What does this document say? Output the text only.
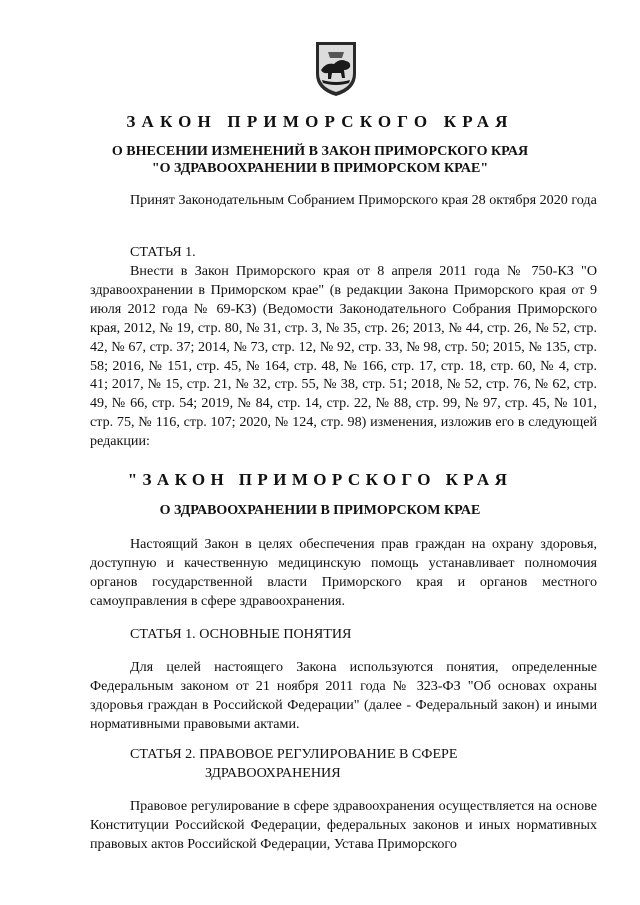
ЗАКОН ПРИМОРСКОГО КРАЯ
О ВНЕСЕНИИ ИЗМЕНЕНИЙ В ЗАКОН ПРИМОРСКОГО КРАЯ
"О ЗДРАВООХРАНЕНИИ В ПРИМОРСКОМ КРАЕ"

Принят Законодательным Собранием Приморского края 28 октября 2020 года

СТАТЬЯ 1.

Внести в Закон Приморского края от 8 апреля 2011 года № 750-КЗ "О здравоохранении в Приморском крае" (в редакции Закона Приморского края от 9 июля 2012 года № 69-КЗ) (Ведомости Законодательного Собрания Приморского края, 2012, № 19, стр. 80, № 31, стр. 3, № 35, стр. 26; 2013, № 44, стр. 26, № 52, стр. 42, № 67, стр. 37; 2014, № 73, стр. 12, № 92, стр. 33, № 98, стр. 50; 2015, № 135, стр. 58; 2016, № 151, стр. 45, № 164, стр. 48, № 166, стр. 17, стр. 18, стр. 60, № 4, стр. 41; 2017, № 15, стр. 21, № 32, стр. 55, № 38, стр. 51; 2018, № 52, стр. 76, № 62, стр. 49, № 66, стр. 54; 2019, № 84, стр. 14, стр. 22, № 88, стр. 99, № 97, стр. 45, № 101, стр. 75, № 116, стр. 107; 2020, № 124, стр. 98) изменения, изложив его в следующей редакции:

"ЗАКОН ПРИМОРСКОГО КРАЯ
О ЗДРАВООХРАНЕНИИ В ПРИМОРСКОМ КРАЕ

Настоящий Закон в целях обеспечения прав граждан на охрану здоровья, доступную и качественную медицинскую помощь устанавливает полномочия органов государственной власти Приморского края и органов местного самоуправления в сфере здравоохранения.

СТАТЬЯ 1. ОСНОВНЫЕ ПОНЯТИЯ

Для целей настоящего Закона используются понятия, определенные Федеральным законом от 21 ноября 2011 года № 323-ФЗ "Об основах охраны здоровья граждан в Российской Федерации" (далее - Федеральный закон) и иными нормативными правовыми актами.

СТАТЬЯ 2. ПРАВОВОЕ РЕГУЛИРОВАНИЕ В СФЕРЕ
ЗДРАВООХРАНЕНИЯ

Правовое регулирование в сфере здравоохранения осуществляется на основе Конституции Российской Федерации, федеральных законов и иных нормативных правовых актов Российской Федерации, Устава Приморского
